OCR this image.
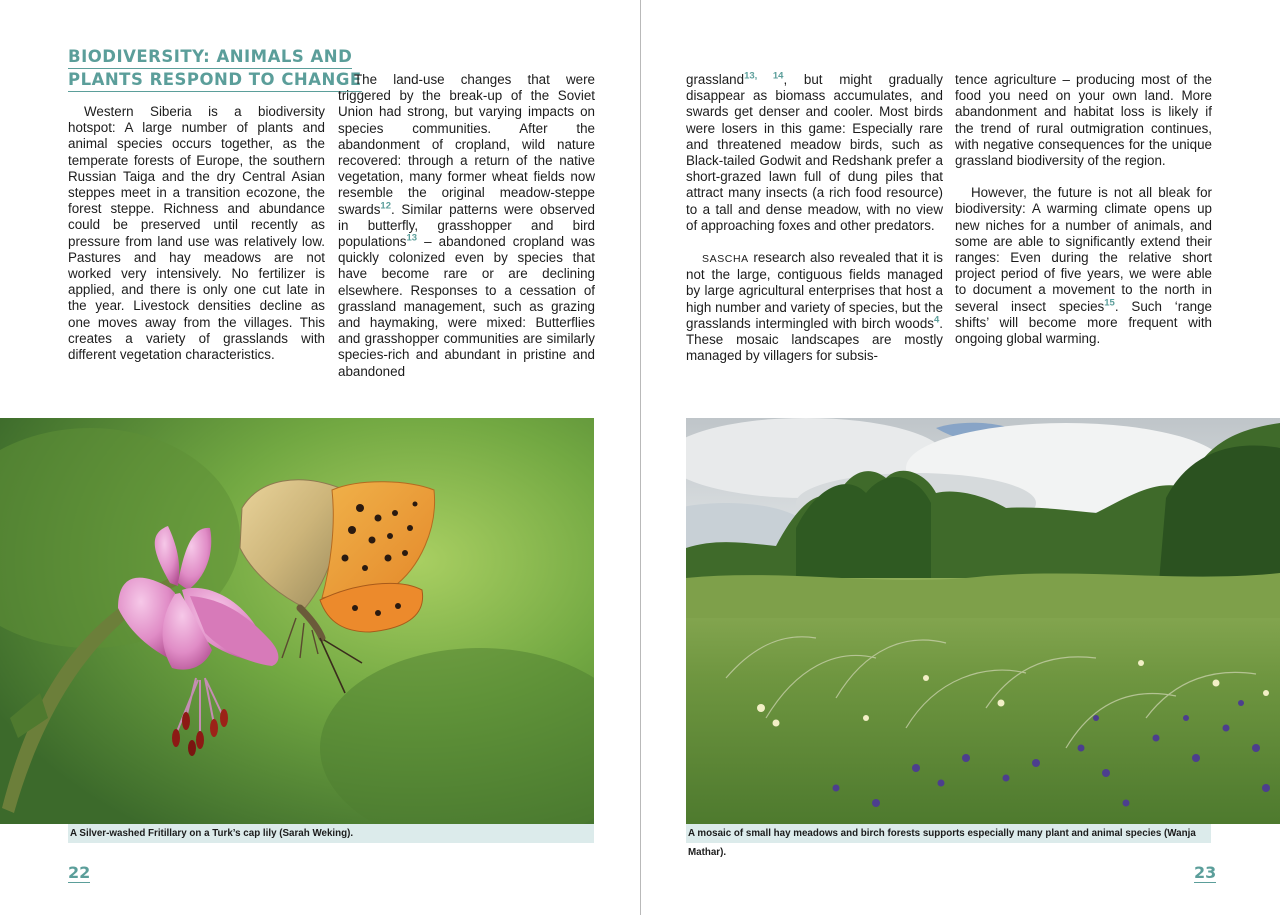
BIODIVERSITY: ANIMALS AND
PLANTS RESPOND TO CHANGE

Western Siberia is a biodiversity hotspot: A large number of plants and animal species occurs together, as the temperate forests of Europe, the southern Russian Taiga and the dry Central Asian steppes meet in a transition ecozone, the forest steppe. Richness and abundance could be preserved until recently as pressure from land use was relatively low. Pastures and hay meadows are not worked very intensively. No fertilizer is applied, and there is only one cut late in the year. Livestock densities decline as one moves away from the villages. This creates a variety of grasslands with different vegetation characteristics.

The land-use changes that were triggered by the break-up of the Soviet Union had strong, but varying impacts on species communities. After the abandonment of cropland, wild nature recovered: through a return of the native vegetation, many former wheat fields now resemble the original meadow-steppe swards$^{12}$. Similar patterns were observed in butterfly, grasshopper and bird populations$^{13}$ – abandoned cropland was quickly colonized even by species that have become rare or are declining elsewhere. Responses to a cessation of grassland management, such as grazing and haymaking, were mixed: Butterflies and grasshopper communities are similarly species-rich and abundant in pristine and abandoned

A Silver-washed Fritillary on a Turk’s cap lily (Sarah Weking).
22

grassland$^{13, 14}$, but might gradually disappear as biomass accumulates, and swards get denser and cooler. Most birds were losers in this game: Especially rare and threatened meadow birds, such as Black-tailed Godwit and Redshank prefer a short-grazed lawn full of dung piles that attract many insects (a rich food resource) to a tall and dense meadow, with no view of approaching foxes and other predators.

SASCHA research also revealed that it is not the large, contiguous fields managed by large agricultural enterprises that host a high number and variety of species, but the grasslands intermingled with birch woods$^4$. These mosaic landscapes are mostly managed by villagers for subsis-

tence agriculture – producing most of the food you need on your own land. More abandonment and habitat loss is likely if the trend of rural outmigration continues, with negative consequences for the unique grassland biodiversity of the region.

However, the future is not all bleak for biodiversity: A warming climate opens up new niches for a number of animals, and some are able to significantly extend their ranges: Even during the relative short project period of five years, we were able to document a movement to the north in several insect species$^{15}$. Such ‘range shifts’ will become more frequent with ongoing global warming.

A mosaic of small hay meadows and birch forests supports especially many plant and animal species (Wanja Mathar).
23
